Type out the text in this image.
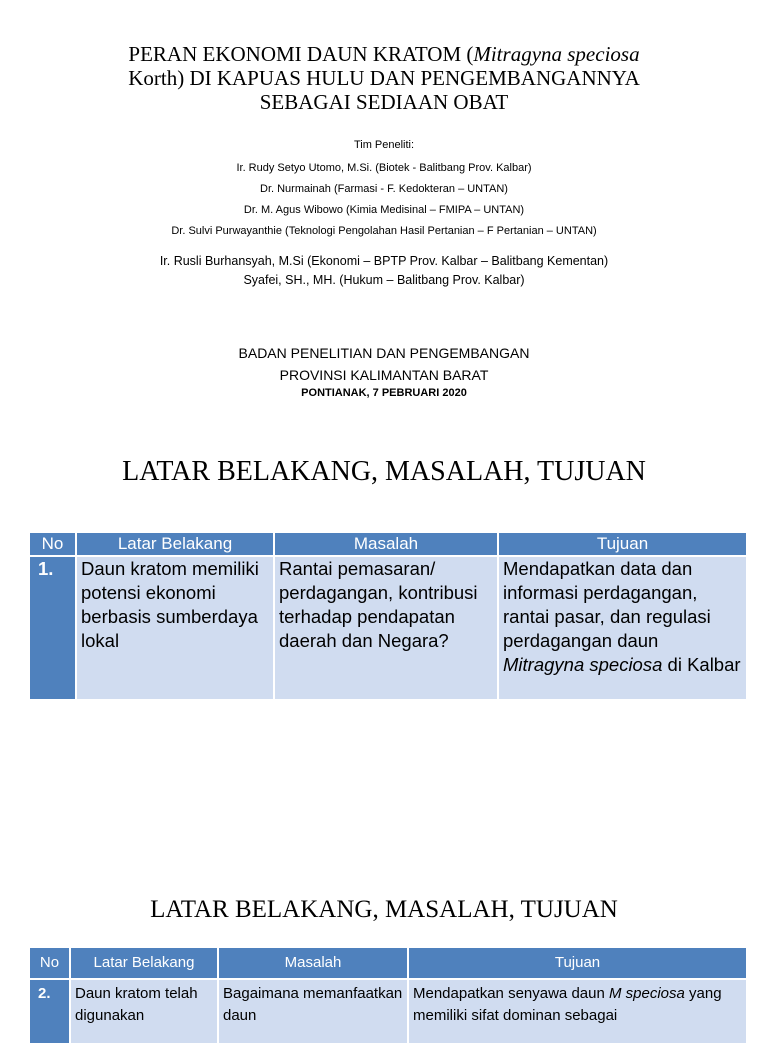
PERAN EKONOMI DAUN KRATOM (Mitragyna speciosa
Korth) DI KAPUAS HULU DAN PENGEMBANGANNYA
SEBAGAI SEDIAAN OBAT
Tim Peneliti:
Ir. Rudy Setyo Utomo, M.Si. (Biotek - Balitbang Prov. Kalbar)
Dr. Nurmainah (Farmasi - F. Kedokteran – UNTAN)
Dr. M. Agus Wibowo (Kimia Medisinal – FMIPA – UNTAN)
Dr. Sulvi Purwayanthie (Teknologi Pengolahan Hasil Pertanian – F Pertanian – UNTAN)
Ir. Rusli Burhansyah, M.Si (Ekonomi – BPTP Prov. Kalbar – Balitbang Kementan)
Syafei, SH., MH. (Hukum – Balitbang Prov. Kalbar)
BADAN PENELITIAN DAN PENGEMBANGAN
PROVINSI KALIMANTAN BARAT
PONTIANAK, 7 PEBRUARI 2020
LATAR BELAKANG, MASALAH, TUJUAN
No	Latar Belakang	Masalah	Tujuan
1.	Daun kratom memiliki potensi ekonomi berbasis sumberdaya lokal	Rantai pemasaran/ perdagangan, kontribusi terhadap pendapatan daerah dan Negara?	Mendapatkan data dan informasi perdagangan, rantai pasar, dan regulasi perdagangan daun Mitragyna speciosa di Kalbar
LATAR BELAKANG, MASALAH, TUJUAN
No	Latar Belakang	Masalah	Tujuan
2.	Daun kratom telah digunakan	Bagaimana memanfaatkan daun	Mendapatkan senyawa daun M speciosa yang memiliki sifat dominan sebagai
